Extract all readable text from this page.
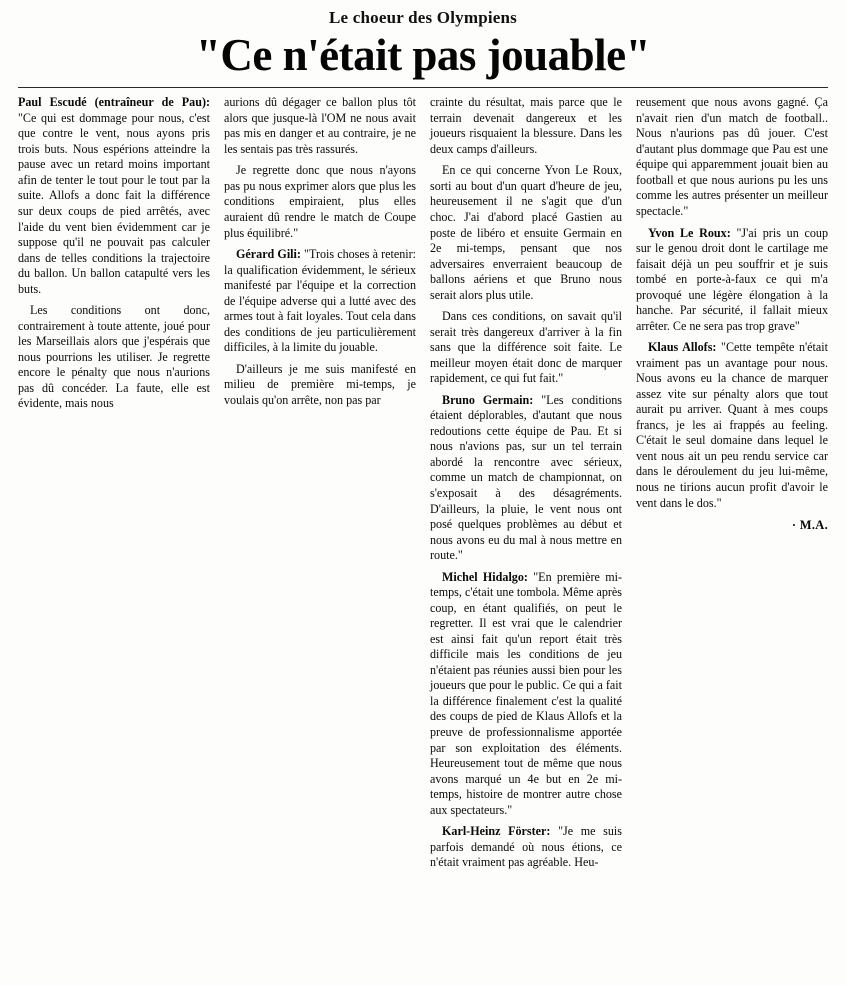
Le choeur des Olympiens
"Ce n'était pas jouable"

Paul Escudé (entraîneur de Pau): "Ce qui est dommage pour nous, c'est que contre le vent, nous ayons pris trois buts. Nous espérions atteindre la pause avec un retard moins important afin de tenter le tout pour le tout par la suite. Allofs a donc fait la différence sur deux coups de pied arrêtés, avec l'aide du vent bien évidemment car je suppose qu'il ne pouvait pas calculer dans de telles conditions la trajectoire du ballon. Un ballon catapulté vers les buts.

Les conditions ont donc, contrairement à toute attente, joué pour les Marseillais alors que j'espérais que nous pourrions les utiliser. Je regrette encore le pénalty que nous n'aurions pas dû concéder. La faute, elle est évidente, mais nous

aurions dû dégager ce ballon plus tôt alors que jusque-là l'OM ne nous avait pas mis en danger et au contraire, je ne les sentais pas très rassurés.

Je regrette donc que nous n'ayons pas pu nous exprimer alors que plus les conditions empiraient, plus elles auraient dû rendre le match de Coupe plus équilibré."

Gérard Gili: "Trois choses à retenir: la qualification évidemment, le sérieux manifesté par l'équipe et la correction de l'équipe adverse qui a lutté avec des armes tout à fait loyales. Tout cela dans des conditions de jeu particulièrement difficiles, à la limite du jouable.

D'ailleurs je me suis manifesté en milieu de première mi-temps, je voulais qu'on arrête, non pas par

crainte du résultat, mais parce que le terrain devenait dangereux et les joueurs risquaient la blessure. Dans les deux camps d'ailleurs.

En ce qui concerne Yvon Le Roux, sorti au bout d'un quart d'heure de jeu, heureusement il ne s'agit que d'un choc. J'ai d'abord placé Gastien au poste de libéro et ensuite Germain en 2e mi-temps, pensant que nos adversaires enverraient beaucoup de ballons aériens et que Bruno nous serait alors plus utile.

Dans ces conditions, on savait qu'il serait très dangereux d'arriver à la fin sans que la différence soit faite. Le meilleur moyen était donc de marquer rapidement, ce qui fut fait."

Bruno Germain: "Les conditions étaient déplorables, d'autant que nous redoutions cette équipe de Pau. Et si nous n'avions pas, sur un tel terrain abordé la rencontre avec sérieux, comme un match de championnat, on s'exposait à des désagréments. D'ailleurs, la pluie, le vent nous ont posé quelques problèmes au début et nous avons eu du mal à nous mettre en route."

Michel Hidalgo: "En première mi-temps, c'était une tombola. Même après coup, en étant qualifiés, on peut le regretter. Il est vrai que le calendrier est ainsi fait qu'un report était très difficile mais les conditions de jeu n'étaient pas réunies aussi bien pour les joueurs que pour le public. Ce qui a fait la différence finalement c'est la qualité des coups de pied de Klaus Allofs et la preuve de professionnalisme apportée par son exploitation des éléments. Heureusement tout de même que nous avons marqué un 4e but en 2e mi-temps, histoire de montrer autre chose aux spectateurs."

Karl-Heinz Förster: "Je me suis parfois demandé où nous étions, ce n'était vraiment pas agréable. Heu-

reusement que nous avons gagné. Ça n'avait rien d'un match de football.. Nous n'aurions pas dû jouer. C'est d'autant plus dommage que Pau est une équipe qui apparemment jouait bien au football et que nous aurions pu les uns comme les autres présenter un meilleur spectacle."

Yvon Le Roux: "J'ai pris un coup sur le genou droit dont le cartilage me faisait déjà un peu souffrir et je suis tombé en porte-à-faux ce qui m'a provoqué une légère élongation à la hanche. Par sécurité, il fallait mieux arrêter. Ce ne sera pas trop grave"

Klaus Allofs: "Cette tempête n'était vraiment pas un avantage pour nous. Nous avons eu la chance de marquer assez vite sur pénalty alors que tout aurait pu arriver. Quant à mes coups francs, je les ai frappés au feeling. C'était le seul domaine dans lequel le vent nous ait un peu rendu service car dans le déroulement du jeu lui-même, nous ne tirions aucun profit d'avoir le vent dans le dos."

· M.A.
